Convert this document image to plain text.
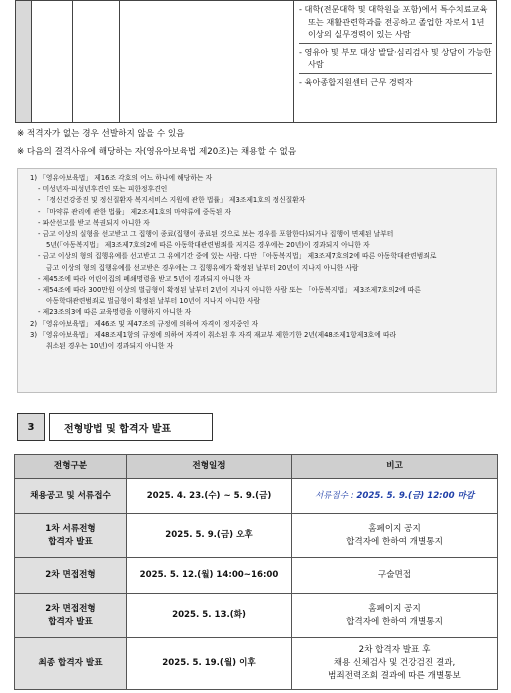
- 대학(전문대학 및 대학원을 포함)에서 특수치료교육 또는 재활관련학과를 전공하고 졸업한 자로서 1년 이상의 실무경력이 있는 사람
- 영유아 및 부모 대상 발달‧심리검사 및 상담이 가능한 사람
- 육아종합지원센터 근무 경력자
※ 적격자가 없는 경우 선발하지 않을 수 있음
※ 다음의 결격사유에 해당하는 자(영유아보육법 제20조)는 채용할 수 없음
1) 「영유아보육법」 제16조 각호의 어느 하나에 해당하는 자
- 미성년자‧피성년후견인 또는 피한정후견인
- 「정신건강증진 및 정신질환자 복지서비스 지원에 관한 법률」 제3조제1호의 정신질환자
- 「마약류 관리에 관한 법률」 제2조제1호의 마약류에 중독된 자
- 파산선고를 받고 복권되지 아니한 자
- 금고 이상의 실형을 선고받고 그 집행이 종료(집행이 종료된 것으로 보는 경우를 포함한다)되거나 집행이 면제된 날부터
5년(「아동복지법」 제3조제7호의2에 따른 아동학대관련범죄를 저지른 경우에는 20년)이 경과되지 아니한 자
- 금고 이상의 형의 집행유예를 선고받고 그 유예기간 중에 있는 사람. 다만 「아동복지법」 제3조제7호의2에 따른 아동학대관련범죄로
금고 이상의 형의 집행유예를 선고받은 경우에는 그 집행유예가 확정된 날부터 20년이 지나지 아니한 사람
- 제45조에 따라 어린이집의 폐쇄명령을 받고 5년이 경과되지 아니한 자
- 제54조에 따라 300만원 이상의 벌금형이 확정된 날부터 2년이 지나지 아니한 사람 또는 「아동복지법」 제3조제7호의2에 따른
아동학대관련범죄로 벌금형이 확정된 날부터 10년이 지나지 아니한 사람
- 제23조의3에 따른 교육명령을 이행하지 아니한 자
2) 「영유아보육법」 제46조 및 제47조의 규정에 의하여 자격이 정지중인 자
3) 「영유아보육법」 제48조제1항의 규정에 의하여 자격이 취소된 후 자격 재교부 제한기한 2년(제48조제1항제3호에 따라
취소된 경우는 10년)이 경과되지 아니한 자
3	전형방법 및 합격자 발표
전형구분	전형일정	비고
채용공고 및 서류접수	2025. 4. 23.(수) ~ 5. 9.(금)	서류접수 : 2025. 5. 9.(금) 12:00 마감
1차 서류전형
합격자 발표	2025. 5. 9.(금) 오후	홈페이지 공지
합격자에 한하여 개별통지
2차 면접전형	2025. 5. 12.(월) 14:00~16:00	구술면접
2차 면접전형
합격자 발표	2025. 5. 13.(화)	홈페이지 공지
합격자에 한하여 개별통지
최종 합격자 발표	2025. 5. 19.(월) 이후	2차 합격자 발표 후
채용 신체검사 및 건강검진 결과,
범죄전력조회 결과에 따른 개별통보
